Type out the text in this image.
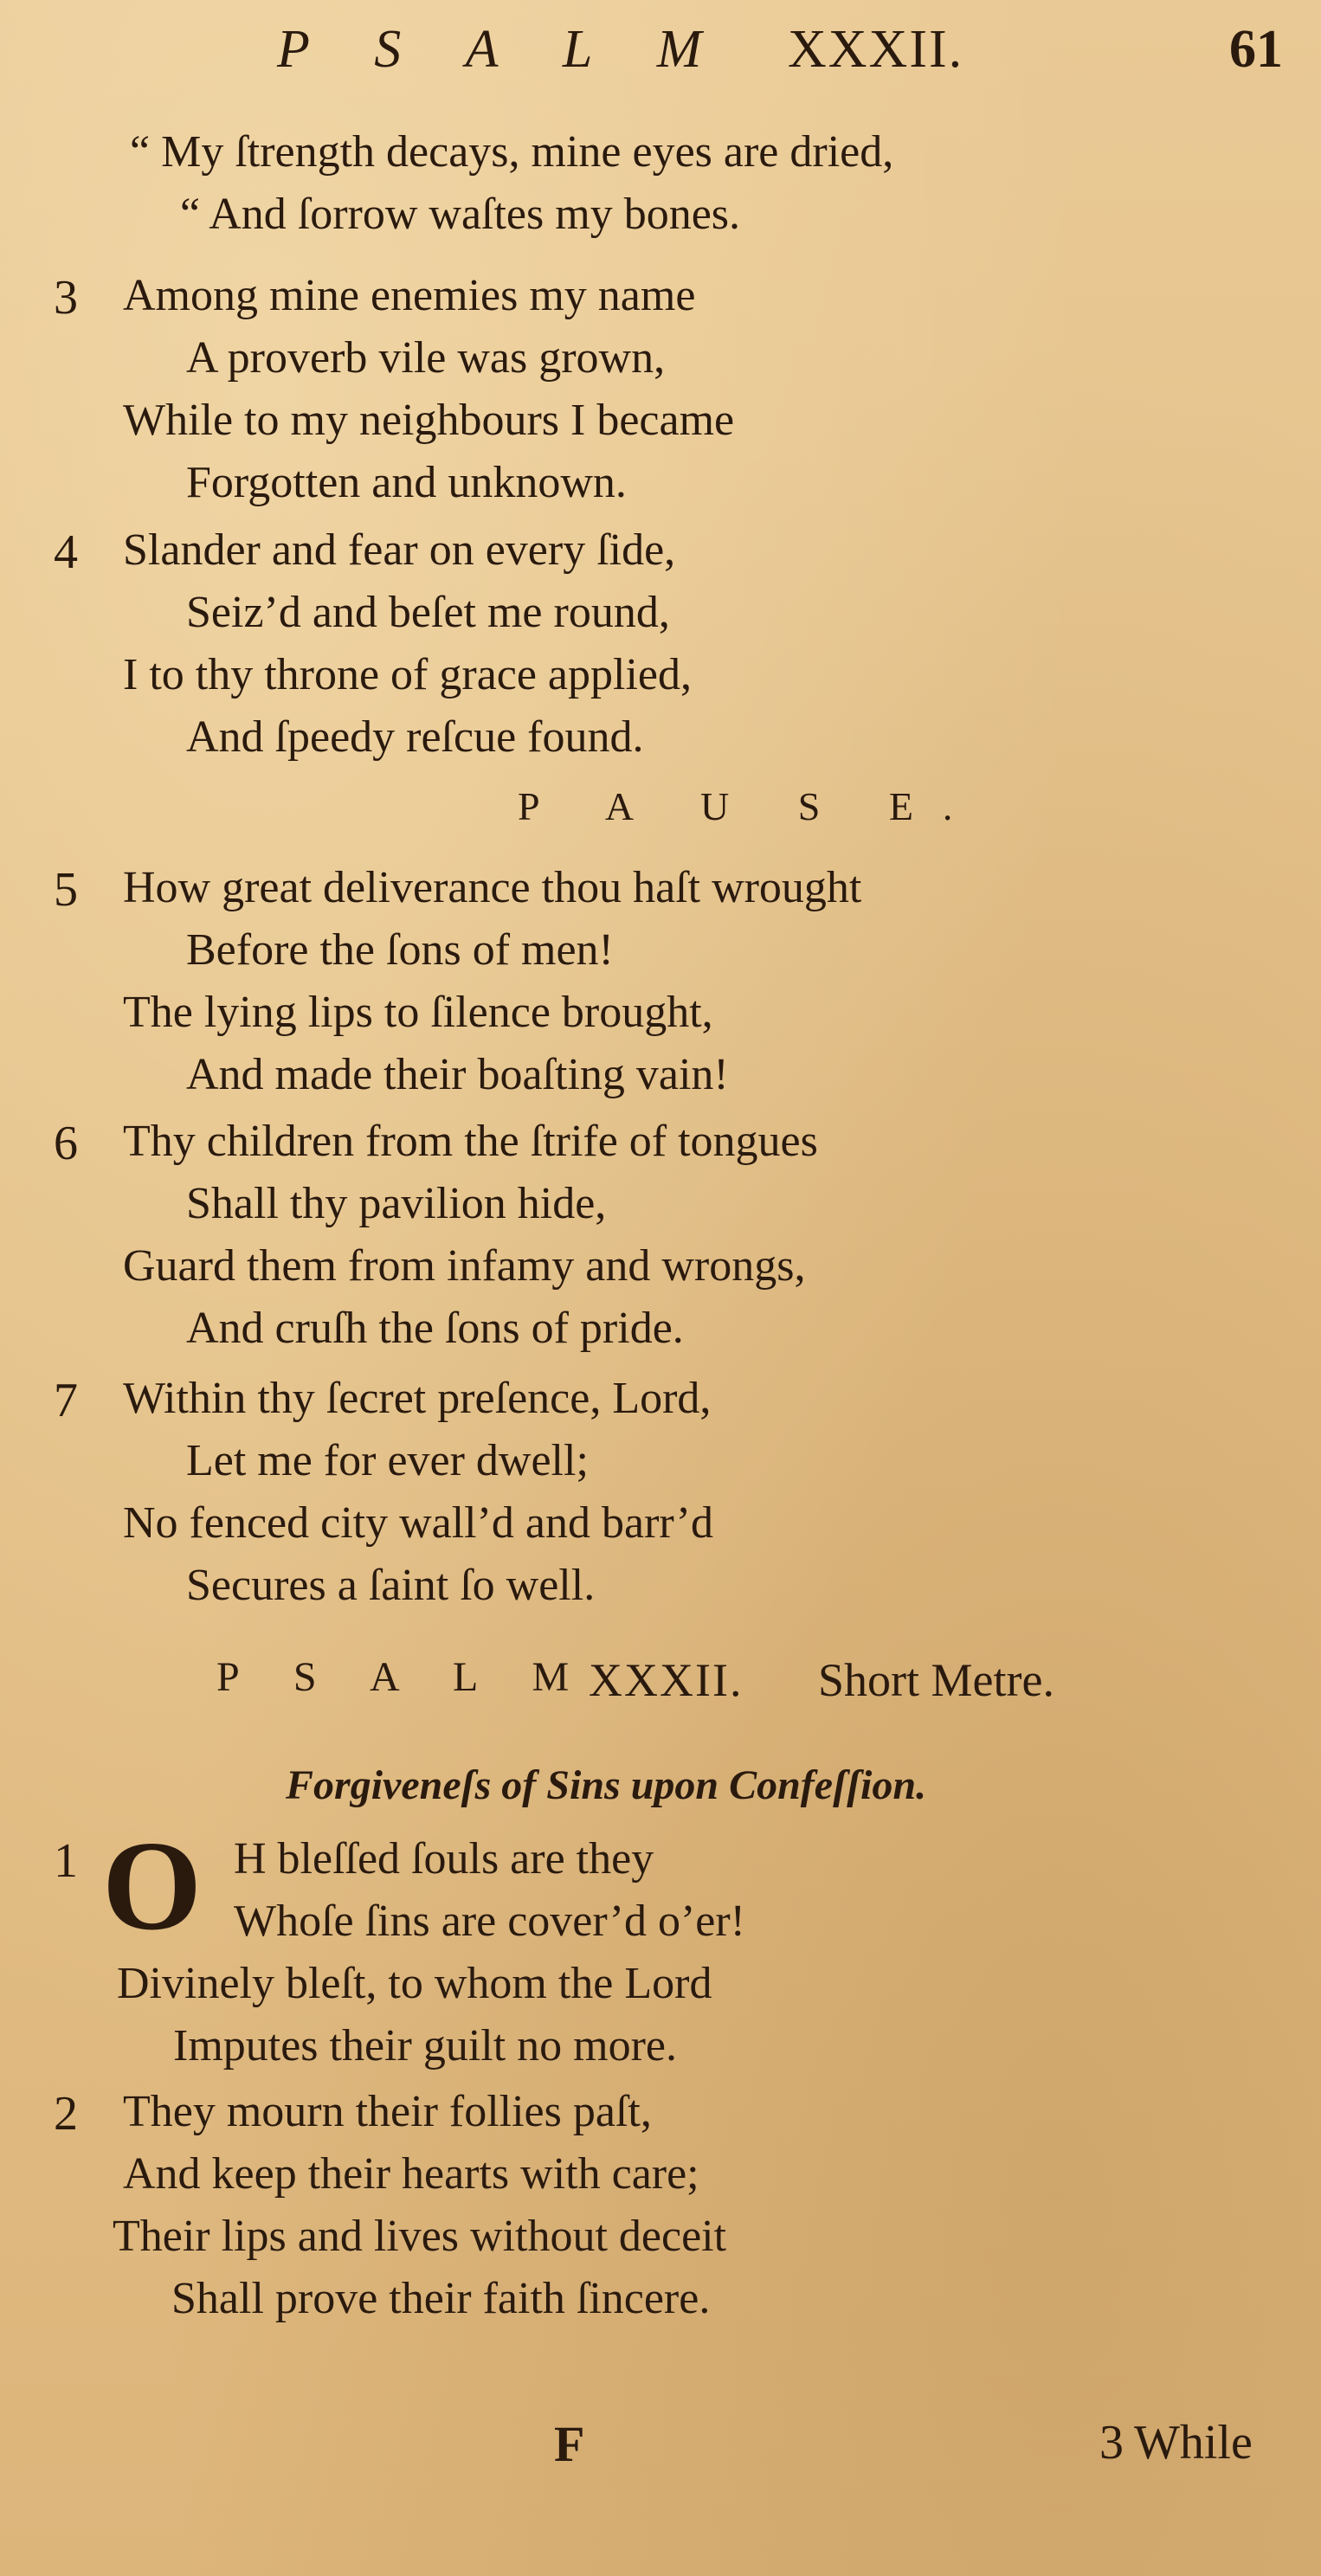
P S A L M XXXII.	61
“ My ſtrength decays, mine eyes are dried,
“ And ſorrow waſtes my bones.
3 Among mine enemies my name
A proverb vile was grown,
While to my neighbours I became
Forgotten and unknown.
4 Slander and fear on every ſide,
Seiz’d and beſet me round,
I to thy throne of grace applied,
And ſpeedy reſcue found.
P A U S E.
5 How great deliverance thou haſt wrought
Before the ſons of men!
The lying lips to ſilence brought,
And made their boaſting vain!
6 Thy children from the ſtrife of tongues
Shall thy pavilion hide,
Guard them from infamy and wrongs,
And cruſh the ſons of pride.
7 Within thy ſecret preſence, Lord,
Let me for ever dwell;
No fenced city wall’d and barr’d
Secures a ſaint ſo well.
P S A L M
XXXII. Short Metre.
Forgiveneſs of Sins upon Confeſſion.
1 O H bleſſed ſouls are they
Whoſe ſins are cover’d o’er!
Divinely bleſt, to whom the Lord
Imputes their guilt no more.
2 They mourn their follies paſt,
And keep their hearts with care;
Their lips and lives without deceit
Shall prove their faith ſincere.
F	3 While
